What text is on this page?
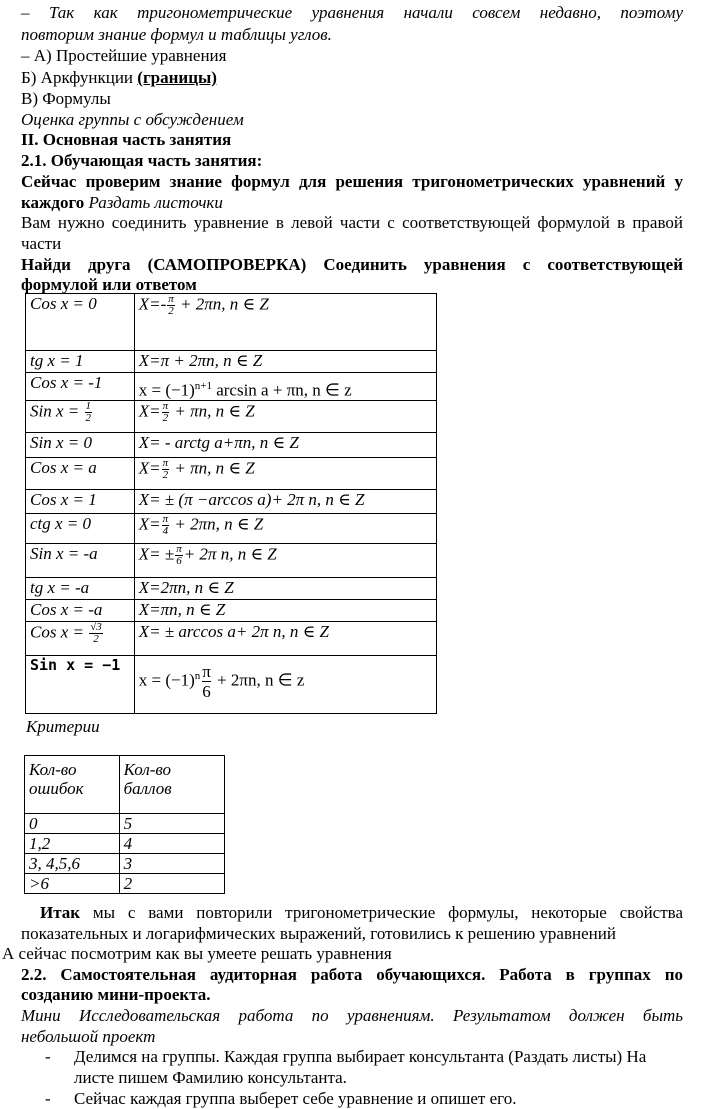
– Так как тригонометрические уравнения начали совсем недавно, поэтому
повторим знание формул и таблицы углов.
– А) Простейшие уравнения
Б) Аркфункции (границы)
В) Формулы
Оценка группы с обсуждением
II. Основная часть занятия
2.1. Обучающая часть занятия:
Сейчас проверим знание формул для решения тригонометрических уравнений у
каждого Раздать листочки
Вам нужно соединить уравнение в левой части с соответствующей формулой в правой
части
Найди друга (САМОПРОВЕРКА) Соединить уравнения с соответствующей
формулой или ответом
Cos x = 0	$X=- \frac{\pi}{2} + 2\pi n$, n ∈ Z
tg x = 1	X=π + 2πn, n ∈ Z
Cos x = -1	$x = (-1)^{n+1}$ arcsin a + πn, n ∈ z
Sin $x = \frac{1}{2}$	$X= \frac{\pi}{2} + \pi n$, n ∈ Z
Sin x = 0	X= - arctg a+πn, n ∈ Z
Cos x = a	$X= \frac{\pi}{2} + \pi n$, n ∈ Z
Cos x = 1	X= ± (π −arccos a)+ 2π n, n ∈ Z
ctg x = 0	$X= \frac{\pi}{4} + 2\pi n$, n ∈ Z
Sin x = -a	$X= \pm \frac{\pi}{6} + 2\pi$ n, n ∈ Z
tg x = -a	X=2πn, n ∈ Z
Cos x = -a	X=πn, n ∈ Z
Cos $x = \frac{√3}{2}$	X= ± arccos a+ 2π n, n ∈ Z
Sin x = −1	$x = (-1)^n \frac{\pi}{6} + 2\pi n$, n ∈ z
Критерии
Кол-во ошибок	Кол-во баллов
0	5
1,2	4
3, 4,5,6	3
>6	2
Итак мы с вами повторили тригонометрические формулы, некоторые свойства
показательных и логарифмических выражений, готовились к решению уравнений
А сейчас посмотрим как вы умеете решать уравнения
2.2. Самостоятельная аудиторная работа обучающихся. Работа в группах по
созданию мини-проекта.
Мини Исследовательская работа по уравнениям. Результатом должен быть
небольшой проект
-	Делимся на группы. Каждая группа выбирает консультанта (Раздать листы) На
листе пишем Фамилию консультанта.
-	Сейчас каждая группа выберет себе уравнение и опишет его.
